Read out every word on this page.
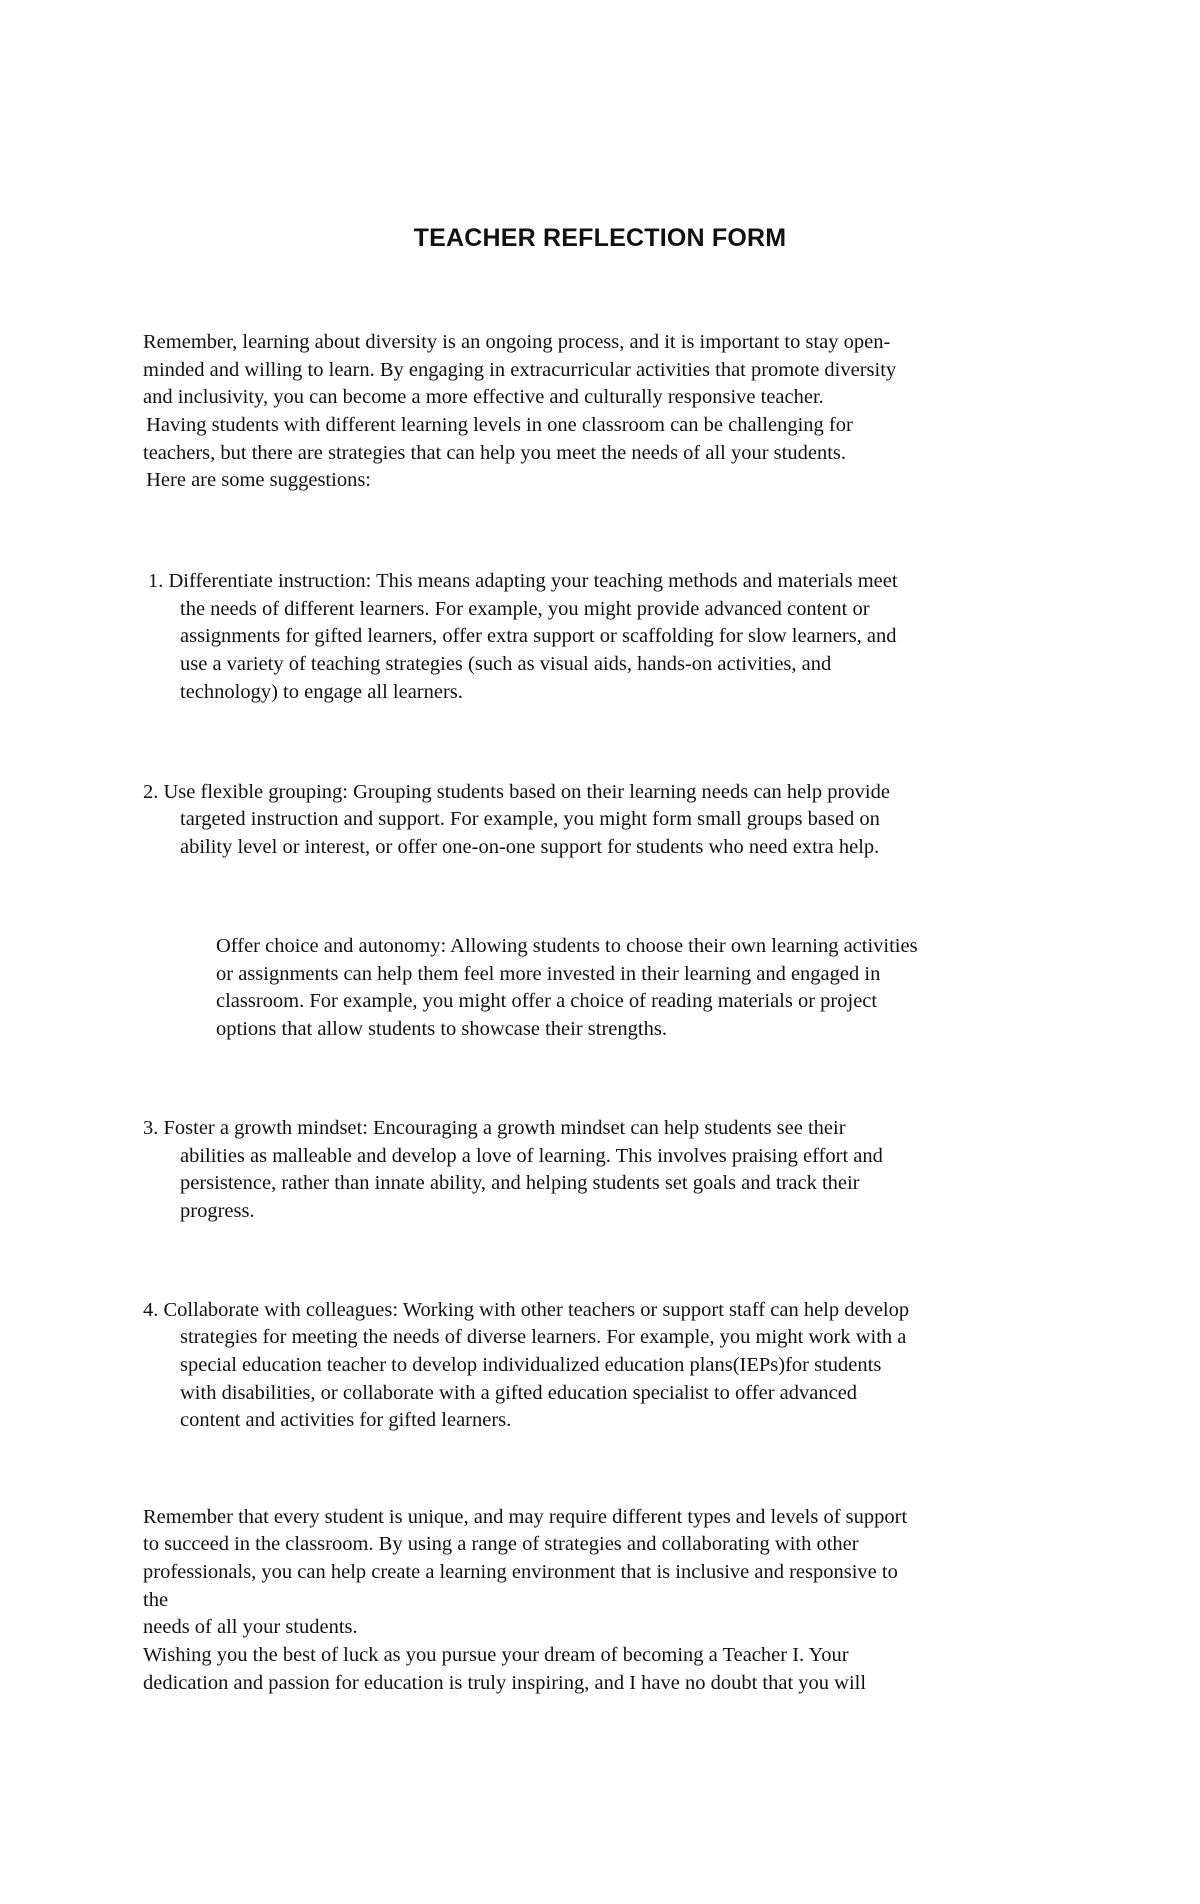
TEACHER REFLECTION FORM
Remember, learning about diversity is an ongoing process, and it is important to stay open-
minded and willing to learn. By engaging in extracurricular activities that promote diversity
and inclusivity, you can become a more effective and culturally responsive teacher.
Having students with different learning levels in one classroom can be challenging for
teachers, but there are strategies that can help you meet the needs of all your students.
Here are some suggestions:
1. Differentiate instruction: This means adapting your teaching methods and materials meet
the needs of different learners. For example, you might provide advanced content or
assignments for gifted learners, offer extra support or scaffolding for slow learners, and
use a variety of teaching strategies (such as visual aids, hands-on activities, and
technology) to engage all learners.
2. Use flexible grouping: Grouping students based on their learning needs can help provide
targeted instruction and support. For example, you might form small groups based on
ability level or interest, or offer one-on-one support for students who need extra help.
Offer choice and autonomy: Allowing students to choose their own learning activities
or assignments can help them feel more invested in their learning and engaged in
classroom. For example, you might offer a choice of reading materials or project
options that allow students to showcase their strengths.
3. Foster a growth mindset: Encouraging a growth mindset can help students see their
abilities as malleable and develop a love of learning. This involves praising effort and
persistence, rather than innate ability, and helping students set goals and track their
progress.
4. Collaborate with colleagues: Working with other teachers or support staff can help develop
strategies for meeting the needs of diverse learners. For example, you might work with a
special education teacher to develop individualized education plans(IEPs)for students
with disabilities, or collaborate with a gifted education specialist to offer advanced
content and activities for gifted learners.
Remember that every student is unique, and may require different types and levels of support
to succeed in the classroom. By using a range of strategies and collaborating with other
professionals, you can help create a learning environment that is inclusive and responsive to
the
needs of all your students.
Wishing you the best of luck as you pursue your dream of becoming a Teacher I. Your
dedication and passion for education is truly inspiring, and I have no doubt that you will
